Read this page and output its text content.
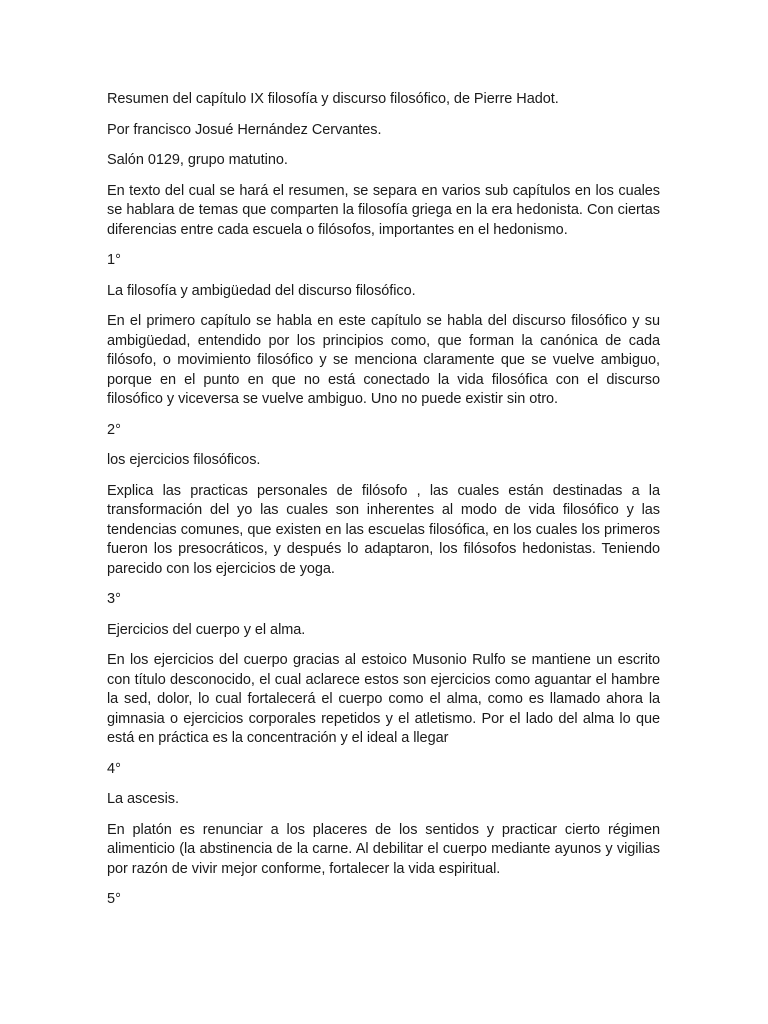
Resumen del capítulo IX filosofía y discurso filosófico, de Pierre Hadot.

Por francisco Josué Hernández Cervantes.

Salón 0129, grupo matutino.

En texto del cual se hará el resumen, se separa en varios sub capítulos en los cuales se hablara de temas que comparten la filosofía griega en la era hedonista. Con ciertas diferencias entre cada escuela o filósofos, importantes en el hedonismo.

1°

La filosofía y ambigüedad del discurso filosófico.

En el primero capítulo se habla en este capítulo se habla del discurso filosófico y su ambigüedad, entendido por los principios como, que forman la canónica de cada filósofo, o movimiento filosófico y se menciona claramente que se vuelve ambiguo, porque en el punto en que no está conectado la vida filosófica con el discurso filosófico y viceversa se vuelve ambiguo. Uno no puede existir sin otro.

2°

los ejercicios filosóficos.

Explica las practicas personales de filósofo , las cuales están destinadas a la transformación del yo las cuales son inherentes al modo de vida filosófico y las tendencias comunes, que existen en las escuelas filosófica, en los cuales los primeros fueron los presocráticos, y después lo adaptaron, los filósofos hedonistas. Teniendo parecido con los ejercicios de yoga.

3°

Ejercicios del cuerpo y el alma.

En los ejercicios del cuerpo gracias al estoico Musonio Rulfo se mantiene un escrito con título desconocido, el cual aclarece estos son ejercicios como aguantar el hambre la sed, dolor, lo cual fortalecerá el cuerpo como el alma, como es llamado ahora la gimnasia o ejercicios corporales repetidos y el atletismo. Por el lado del alma lo que está en práctica es la concentración y el ideal a llegar

4°

La ascesis.

En platón es renunciar a los placeres de los sentidos y practicar cierto régimen alimenticio (la abstinencia de la carne. Al debilitar el cuerpo mediante ayunos y vigilias por razón de vivir mejor conforme, fortalecer la vida espiritual.

5°
